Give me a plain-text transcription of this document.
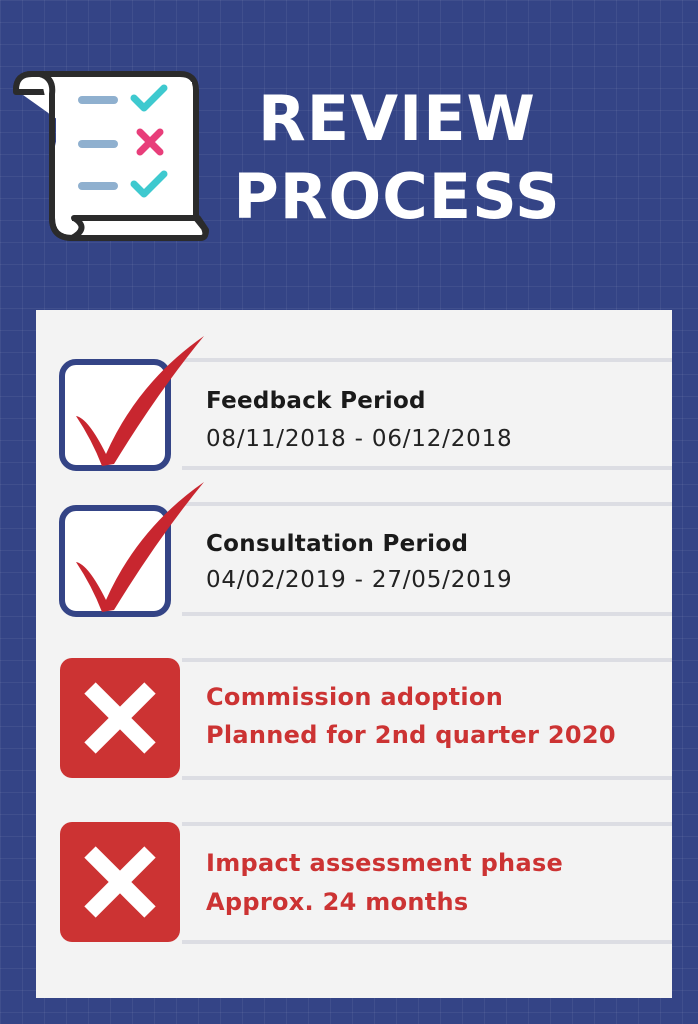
REVIEW
PROCESS
Feedback Period
08/11/2018 - 06/12/2018
Consultation Period
04/02/2019 - 27/05/2019
Commission adoption
Planned for 2nd quarter 2020
Impact assessment phase
Approx. 24 months
